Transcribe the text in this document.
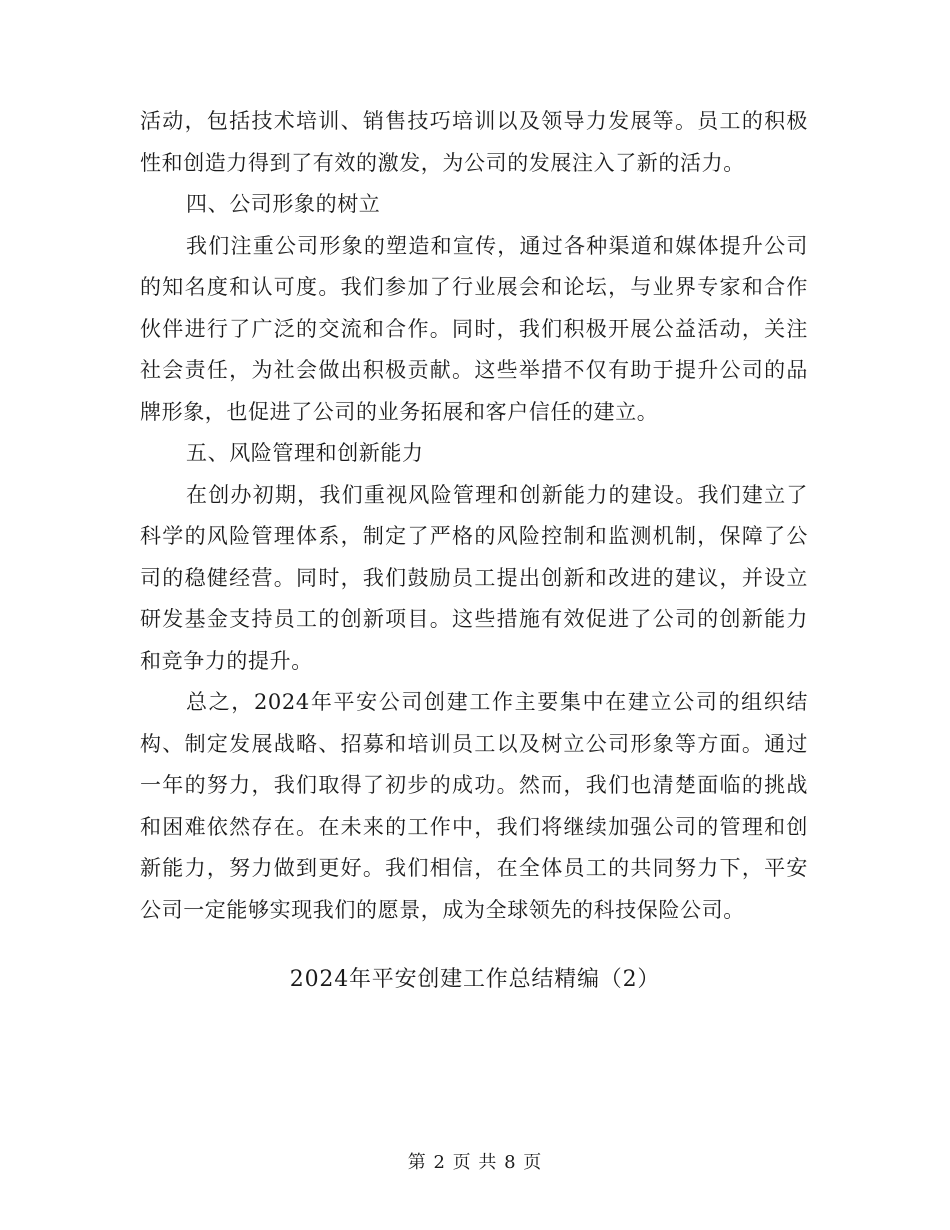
活动，包括技术培训、销售技巧培训以及领导力发展等。员工的积极性和创造力得到了有效的激发，为公司的发展注入了新的活力。

四、公司形象的树立

我们注重公司形象的塑造和宣传，通过各种渠道和媒体提升公司的知名度和认可度。我们参加了行业展会和论坛，与业界专家和合作伙伴进行了广泛的交流和合作。同时，我们积极开展公益活动，关注社会责任，为社会做出积极贡献。这些举措不仅有助于提升公司的品牌形象，也促进了公司的业务拓展和客户信任的建立。

五、风险管理和创新能力

在创办初期，我们重视风险管理和创新能力的建设。我们建立了科学的风险管理体系，制定了严格的风险控制和监测机制，保障了公司的稳健经营。同时，我们鼓励员工提出创新和改进的建议，并设立研发基金支持员工的创新项目。这些措施有效促进了公司的创新能力和竞争力的提升。

总之，2024年平安公司创建工作主要集中在建立公司的组织结构、制定发展战略、招募和培训员工以及树立公司形象等方面。通过一年的努力，我们取得了初步的成功。然而，我们也清楚面临的挑战和困难依然存在。在未来的工作中，我们将继续加强公司的管理和创新能力，努力做到更好。我们相信，在全体员工的共同努力下，平安公司一定能够实现我们的愿景，成为全球领先的科技保险公司。

2024年平安创建工作总结精编（2）
第 2 页 共 8 页
